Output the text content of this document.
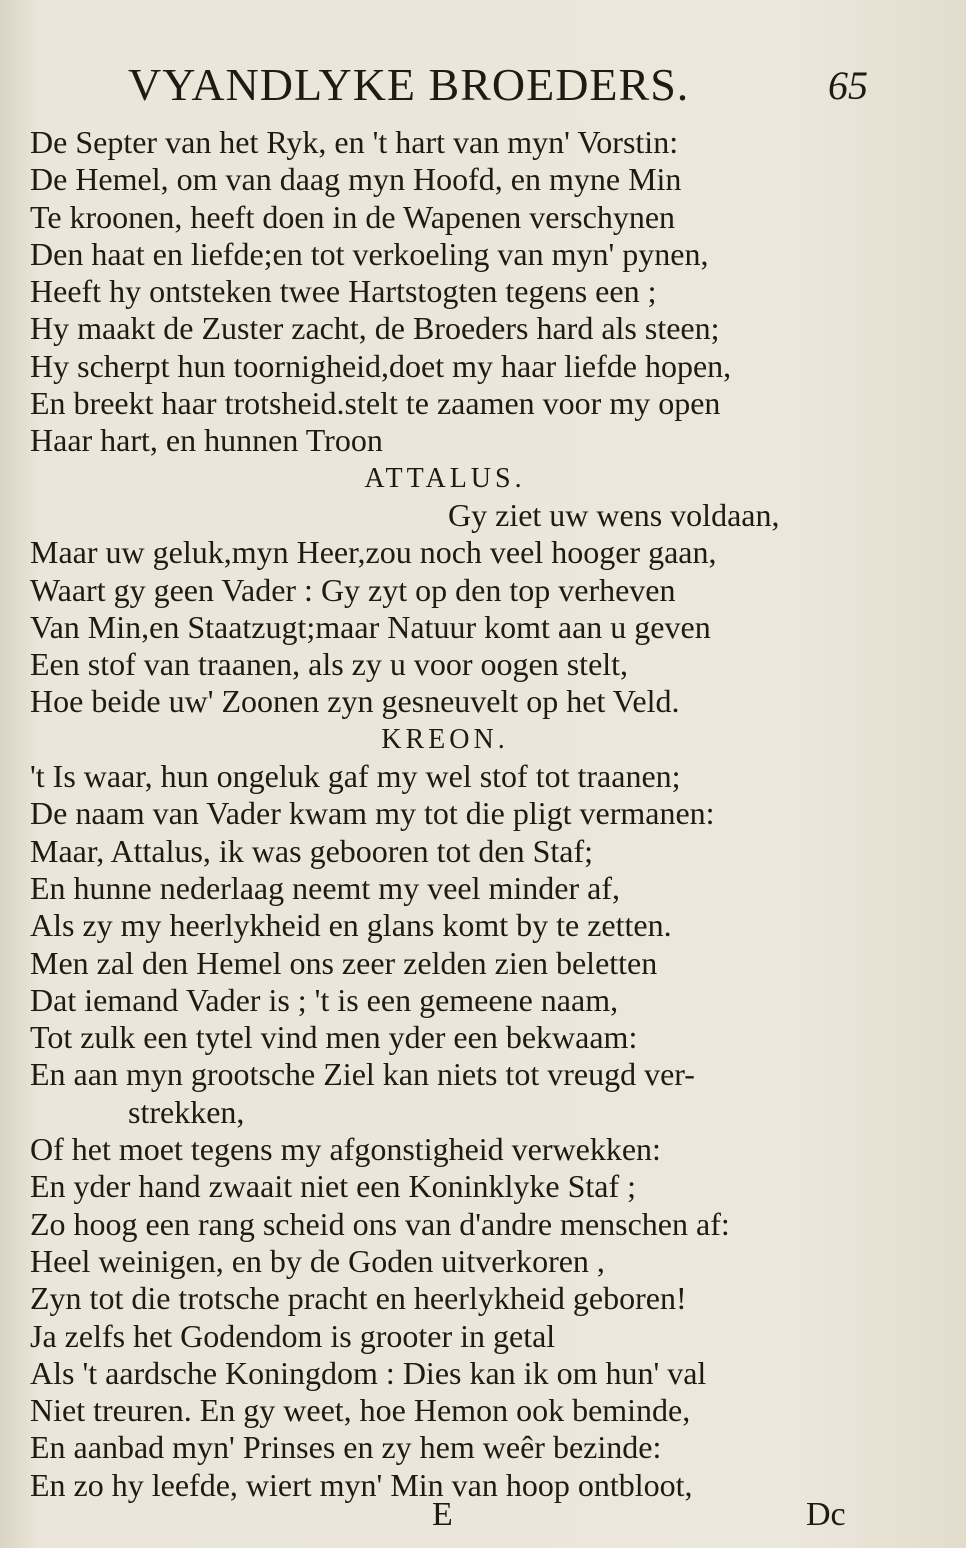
VYANDLYKE BROEDERS.	65
De Septer van het Ryk, en 't hart van myn' Vorstin:
De Hemel, om van daag myn Hoofd, en myne Min
Te kroonen, heeft doen in de Wapenen verschynen
Den haat en liefde;en tot verkoeling van myn' pynen,
Heeft hy ontsteken twee Hartstogten tegens een ;
Hy maakt de Zuster zacht, de Broeders hard als steen;
Hy scherpt hun toornigheid,doet my haar liefde hopen,
En breekt haar trotsheid.stelt te zaamen voor my open
Haar hart, en hunnen Troon
ATTALUS.
Gy ziet uw wens voldaan,
Maar uw geluk,myn Heer,zou noch veel hooger gaan,
Waart gy geen Vader : Gy zyt op den top verheven
Van Min,en Staatzugt;maar Natuur komt aan u geven
Een stof van traanen, als zy u voor oogen stelt,
Hoe beide uw' Zoonen zyn gesneuvelt op het Veld.
KREON.
't Is waar, hun ongeluk gaf my wel stof tot traanen;
De naam van Vader kwam my tot die pligt vermanen:
Maar, Attalus, ik was gebooren tot den Staf;
En hunne nederlaag neemt my veel minder af,
Als zy my heerlykheid en glans komt by te zetten.
Men zal den Hemel ons zeer zelden zien beletten
Dat iemand Vader is ; 't is een gemeene naam,
Tot zulk een tytel vind men yder een bekwaam:
En aan myn grootsche Ziel kan niets tot vreugd ver-
strekken,
Of het moet tegens my afgonstigheid verwekken:
En yder hand zwaait niet een Koninklyke Staf ;
Zo hoog een rang scheid ons van d'andre menschen af:
Heel weinigen, en by de Goden uitverkoren ,
Zyn tot die trotsche pracht en heerlykheid geboren!
Ja zelfs het Godendom is grooter in getal
Als 't aardsche Koningdom : Dies kan ik om hun' val
Niet treuren. En gy weet, hoe Hemon ook beminde,
En aanbad myn' Prinses en zy hem weêr bezinde:
En zo hy leefde, wiert myn' Min van hoop ontbloot,
E	Dc
